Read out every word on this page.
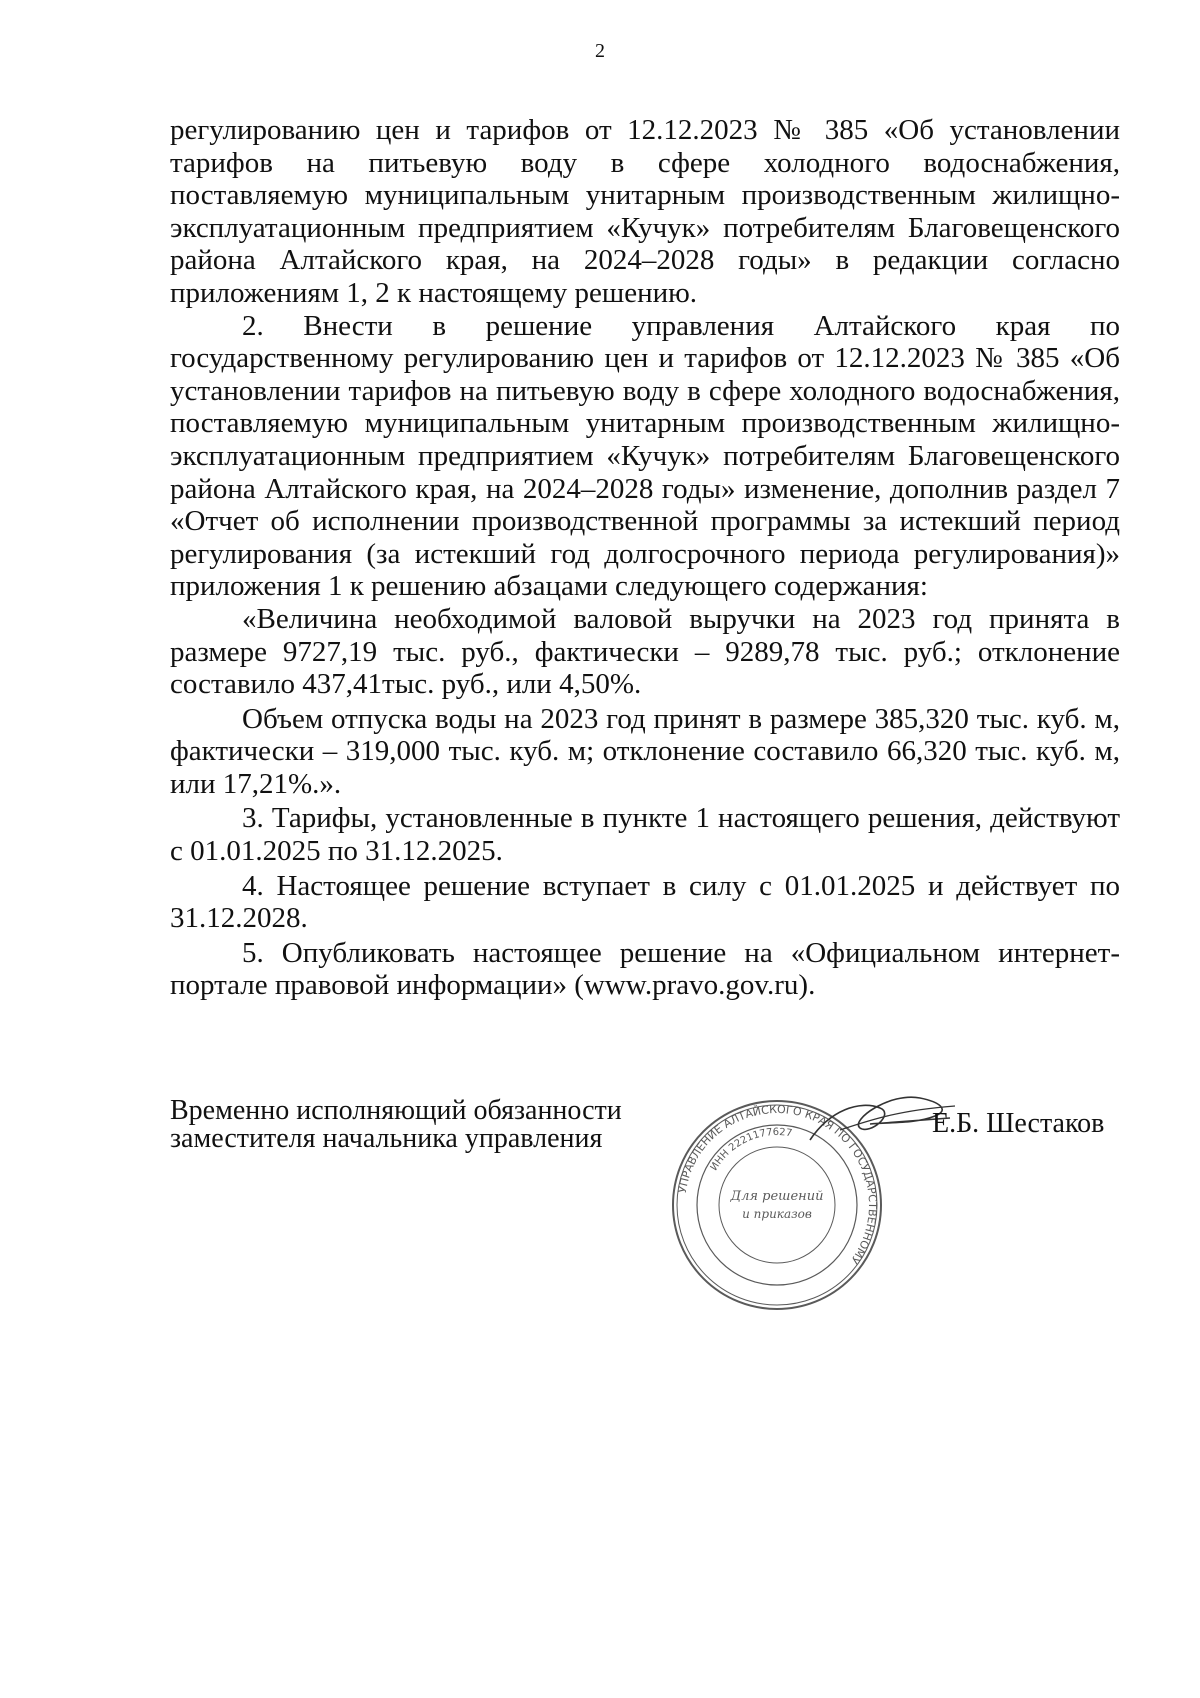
2

регулированию цен и тарифов от 12.12.2023 № 385 «Об установлении тарифов на питьевую воду в сфере холодного водоснабжения, поставляемую муниципальным унитарным производственным жилищно-эксплуатационным предприятием «Кучук» потребителям Благовещенского района Алтайского края, на 2024–2028 годы» в редакции согласно приложениям 1, 2 к настоящему решению.

2. Внести в решение управления Алтайского края по государственному регулированию цен и тарифов от 12.12.2023 № 385 «Об установлении тарифов на питьевую воду в сфере холодного водоснабжения, поставляемую муниципальным унитарным производственным жилищно-эксплуатационным предприятием «Кучук» потребителям Благовещенского района Алтайского края, на 2024–2028 годы» изменение, дополнив раздел 7 «Отчет об исполнении производственной программы за истекший период регулирования (за истекший год долгосрочного периода регулирования)» приложения 1 к решению абзацами следующего содержания:

«Величина необходимой валовой выручки на 2023 год принята в размере 9727,19 тыс. руб., фактически – 9289,78 тыс. руб.; отклонение составило 437,41тыс. руб., или 4,50%.

Объем отпуска воды на 2023 год принят в размере 385,320 тыс. куб. м, фактически – 319,000 тыс. куб. м; отклонение составило 66,320 тыс. куб. м, или 17,21%.».

3. Тарифы, установленные в пункте 1 настоящего решения, действуют с 01.01.2025 по 31.12.2025.

4. Настоящее решение вступает в силу с 01.01.2025 и действует по 31.12.2028.

5. Опубликовать настоящее решение на «Официальном интернет-портале правовой информации» (www.pravo.gov.ru).

Временно исполняющий обязанности
заместителя начальника управления
УПРАВЛЕНИЕ АЛТАЙСКОГО КРАЯ ПО ГОСУДАРСТВЕННОМУ
ИНН 2221177627
Для решений
и приказов
Е.Б. Шестаков
